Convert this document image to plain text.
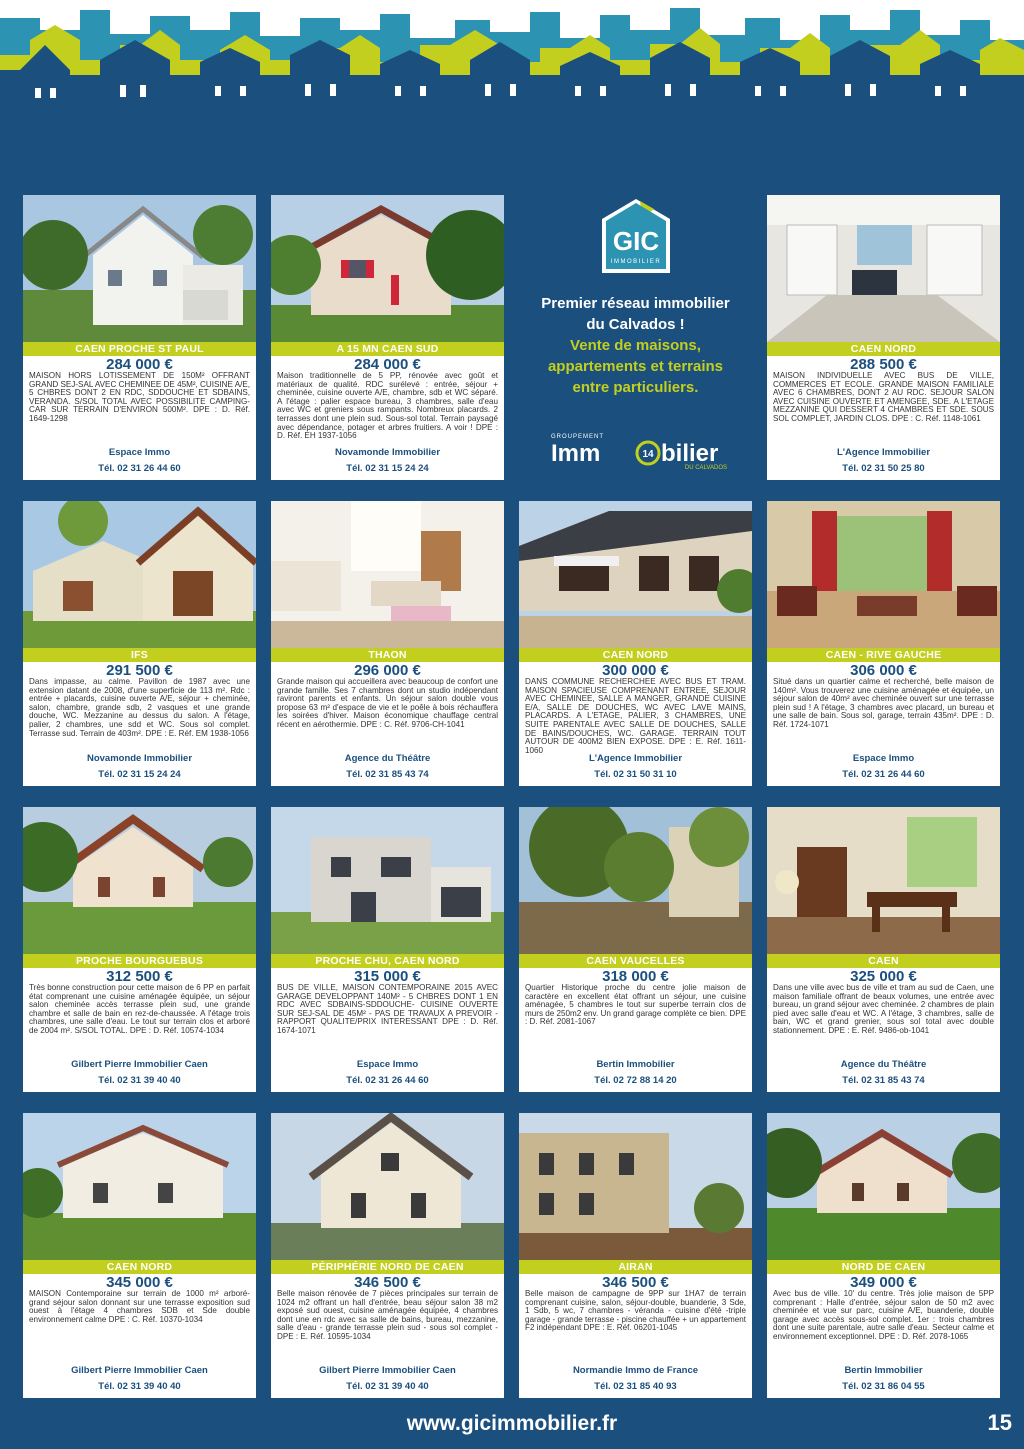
CAEN PROCHE ST PAUL
284 000 €
MAISON HORS LOTISSEMENT DE 150M² OFFRANT GRAND SEJ-SAL AVEC CHEMINEE DE 45M², CUISINE A/E, 5 CHBRES DONT 2 EN RDC, SDDOUCHE ET SDBAINS, VERANDA. S/SOL TOTAL AVEC POSSIBILITE CAMPING-CAR SUR TERRAIN D'ENVIRON 500M². DPE : D. Réf. 1649-1298
Espace Immo
Tél. 02 31 26 44 60
A 15 MN CAEN SUD
284 000 €
Maison traditionnelle de 5 PP, rénovée avec goût et matériaux de qualité. RDC surélevé : entrée, séjour + cheminée, cuisine ouverte A/E, chambre, sdb et WC séparé. A l'étage : palier espace bureau, 3 chambres, salle d'eau avec WC et greniers sous rampants. Nombreux placards. 2 terrasses dont une plein sud. Sous-sol total. Terrain paysagé avec dépendance, potager et arbres fruitiers. A voir ! DPE : D. Réf. EH 1937-1056
Novamonde Immobilier
Tél. 02 31 15 24 24
GIC
IMMOBILIER
Premier réseau immobilier
du Calvados !
Vente de maisons,
appartements et terrains
entre particuliers.
GROUPEMENT
Imm	14 bilier
DU CALVADOS
CAEN NORD
288 500 €
MAISON INDIVIDUELLE AVEC BUS DE VILLE, COMMERCES ET ECOLE. GRANDE MAISON FAMILIALE AVEC 6 CHAMBRES, DONT 2 AU RDC. SEJOUR SALON AVEC CUISINE OUVERTE ET AMENGEE, SDE. A L'ETAGE MEZZANINE QUI DESSERT 4 CHAMBRES ET SDE. SOUS SOL COMPLET, JARDIN CLOS. DPE : C. Réf. 1148-1061
L'Agence Immobilier
Tél. 02 31 50 25 80
IFS
291 500 €
Dans impasse, au calme. Pavillon de 1987 avec une extension datant de 2008, d'une superficie de 113 m². Rdc : entrée + placards, cuisine ouverte A/E, séjour + cheminée, salon, chambre, grande sdb, 2 vasques et une grande douche, WC. Mezzanine au dessus du salon. A l'étage, palier, 2 chambres, une sdd et WC. Sous sol complet. Terrasse sud. Terrain de 403m². DPE : E. Réf. EM 1938-1056
Novamonde Immobilier
Tél. 02 31 15 24 24
THAON
296 000 €
Grande maison qui accueillera avec beaucoup de confort une grande famille. Ses 7 chambres dont un studio indépendant raviront parents et enfants. Un séjour salon double vous propose 63 m² d'espace de vie et le poêle à bois réchauffera les soirées d'hiver. Maison économique chauffage central récent en aérothermie. DPE : C. Réf. 9706-CH-1041
Agence du Théâtre
Tél. 02 31 85 43 74
CAEN NORD
300 000 €
DANS COMMUNE RECHERCHEE AVEC BUS ET TRAM. MAISON SPACIEUSE COMPRENANT ENTREE, SEJOUR AVEC CHEMINEE, SALLE A MANGER, GRANDE CUISINE E/A, SALLE DE DOUCHES, WC AVEC LAVE MAINS, PLACARDS. A L'ETAGE, PALIER, 3 CHAMBRES, UNE SUITE PARENTALE AVEC SALLE DE DOUCHES, SALLE DE BAINS/DOUCHES, WC. GARAGE. TERRAIN TOUT AUTOUR DE 400M2 BIEN EXPOSE. DPE : E. Réf. 1611-1060
L'Agence Immobilier
Tél. 02 31 50 31 10
CAEN - RIVE GAUCHE
306 000 €
Situé dans un quartier calme et recherché, belle maison de 140m². Vous trouverez une cuisine aménagée et équipée, un séjour salon de 40m² avec cheminée ouvert sur une terrasse plein sud ! A l'étage, 3 chambres avec placard, un bureau et une salle de bain. Sous sol, garage, terrain 435m². DPE : D. Réf. 1724-1071
Espace Immo
Tél. 02 31 26 44 60
PROCHE BOURGUEBUS
312 500 €
Très bonne construction pour cette maison de 6 PP en parfait état comprenant une cuisine aménagée équipée, un séjour salon cheminée accès terrasse plein sud, une grande chambre et salle de bain en rez-de-chaussée. A l'étage trois chambres, une salle d'eau. Le tout sur terrain clos et arboré de 2004 m². S/SOL TOTAL. DPE : D. Réf. 10574-1034
Gilbert Pierre Immobilier Caen
Tél. 02 31 39 40 40
PROCHE CHU, CAEN NORD
315 000 €
BUS DE VILLE, MAISON CONTEMPORAINE 2015 AVEC GARAGE DEVELOPPANT 140M² - 5 CHBRES DONT 1 EN RDC AVEC SDBAINS-SDDOUCHE- CUISINE OUVERTE SUR SEJ-SAL DE 45M² - PAS DE TRAVAUX A PREVOIR - RAPPORT QUALITE/PRIX INTERESSANT DPE : D. Réf. 1674-1071
Espace Immo
Tél. 02 31 26 44 60
CAEN VAUCELLES
318 000 €
Quartier Historique proche du centre jolie maison de caractère en excellent état offrant un séjour, une cuisine aménagée, 5 chambres le tout sur superbe terrain clos de murs de 250m2 env. Un grand garage complète ce bien. DPE : D. Réf. 2081-1067
Bertin Immobilier
Tél. 02 72 88 14 20
CAEN
325 000 €
Dans une ville avec bus de ville et tram au sud de Caen, une maison familiale offrant de beaux volumes, une entrée avec bureau, un grand séjour avec cheminée. 2 chambres de plain pied avec salle d'eau et WC. A l'étage, 3 chambres, salle de bain, WC et grand grenier, sous sol total avec double stationnement. DPE : E. Réf. 9486-ob-1041
Agence du Théâtre
Tél. 02 31 85 43 74
CAEN NORD
345 000 €
MAISON Contemporaine sur terrain de 1000 m² arboré- grand séjour salon donnant sur une terrasse exposition sud ouest à l'étage 4 chambres SDB et Sde double environnement calme DPE : C. Réf. 10370-1034
Gilbert Pierre Immobilier Caen
Tél. 02 31 39 40 40
PÉRIPHÉRIE NORD DE CAEN
346 500 €
Belle maison rénovée de 7 pièces principales sur terrain de 1024 m2 offrant un hall d'entrée, beau séjour salon 38 m2 exposé sud ouest, cuisine aménagée équipée, 4 chambres dont une en rdc avec sa salle de bains, bureau, mezzanine, salle d'eau - grande terrasse plein sud - sous sol complet - DPE : E. Réf. 10595-1034
Gilbert Pierre Immobilier Caen
Tél. 02 31 39 40 40
AIRAN
346 500 €
Belle maison de campagne de 9PP sur 1HA7 de terrain comprenant cuisine, salon, séjour-double, buanderie, 3 Sde, 1 Sdb, 5 wc, 7 chambres - véranda - cuisine d'été -triple garage - grande terrasse - piscine chauffée + un appartement F2 indépendant DPE : E. Réf. 06201-1045
Normandie Immo de France
Tél. 02 31 85 40 93
NORD DE CAEN
349 000 €
Avec bus de ville. 10' du centre. Très jolie maison de 5PP comprenant : Halle d'entrée, séjour salon de 50 m2 avec cheminée et vue sur parc, cuisine A/E, buanderie, double garage avec accès sous-sol complet. 1er : trois chambres dont une suite parentale, autre salle d'eau. Secteur calme et environnement exceptionnel. DPE : D. Réf. 2078-1065
Bertin Immobilier
Tél. 02 31 86 04 55
www.gicimmobilier.fr	15
